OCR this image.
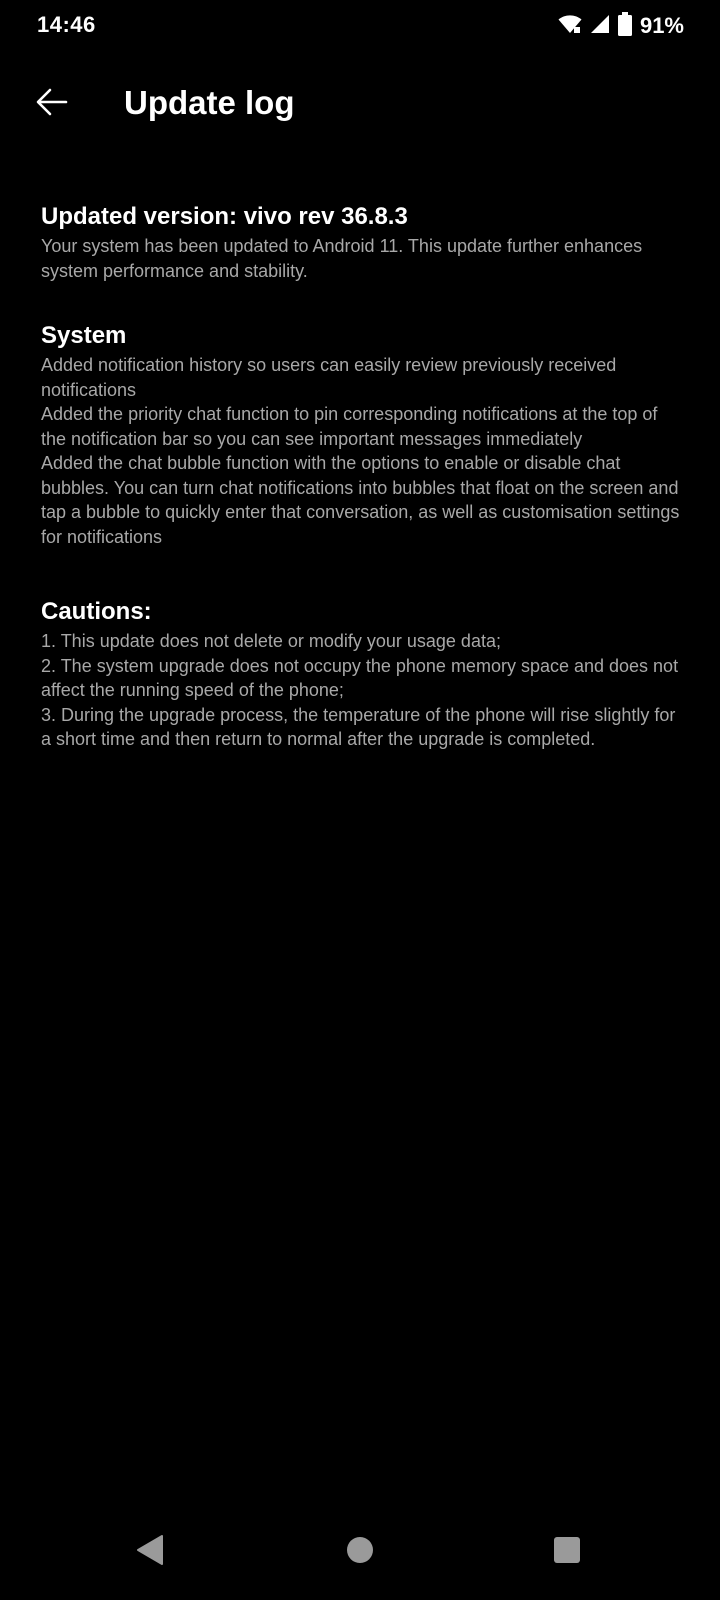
14:46	91%
Update log
Updated version: vivo rev 36.8.3
Your system has been updated to Android 11. This update further enhances system performance and stability.
System

Added notification history so users can easily review previously received notifications

Added the priority chat function to pin corresponding notifications at the top of the notification bar so you can see important messages immediately

Added the chat bubble function with the options to enable or disable chat bubbles. You can turn chat notifications into bubbles that float on the screen and tap a bubble to quickly enter that conversation, as well as customisation settings for notifications

Cautions:

1. This update does not delete or modify your usage data;

2. The system upgrade does not occupy the phone memory space and does not affect the running speed of the phone;

3. During the upgrade process, the temperature of the phone will rise slightly for a short time and then return to normal after the upgrade is completed.
